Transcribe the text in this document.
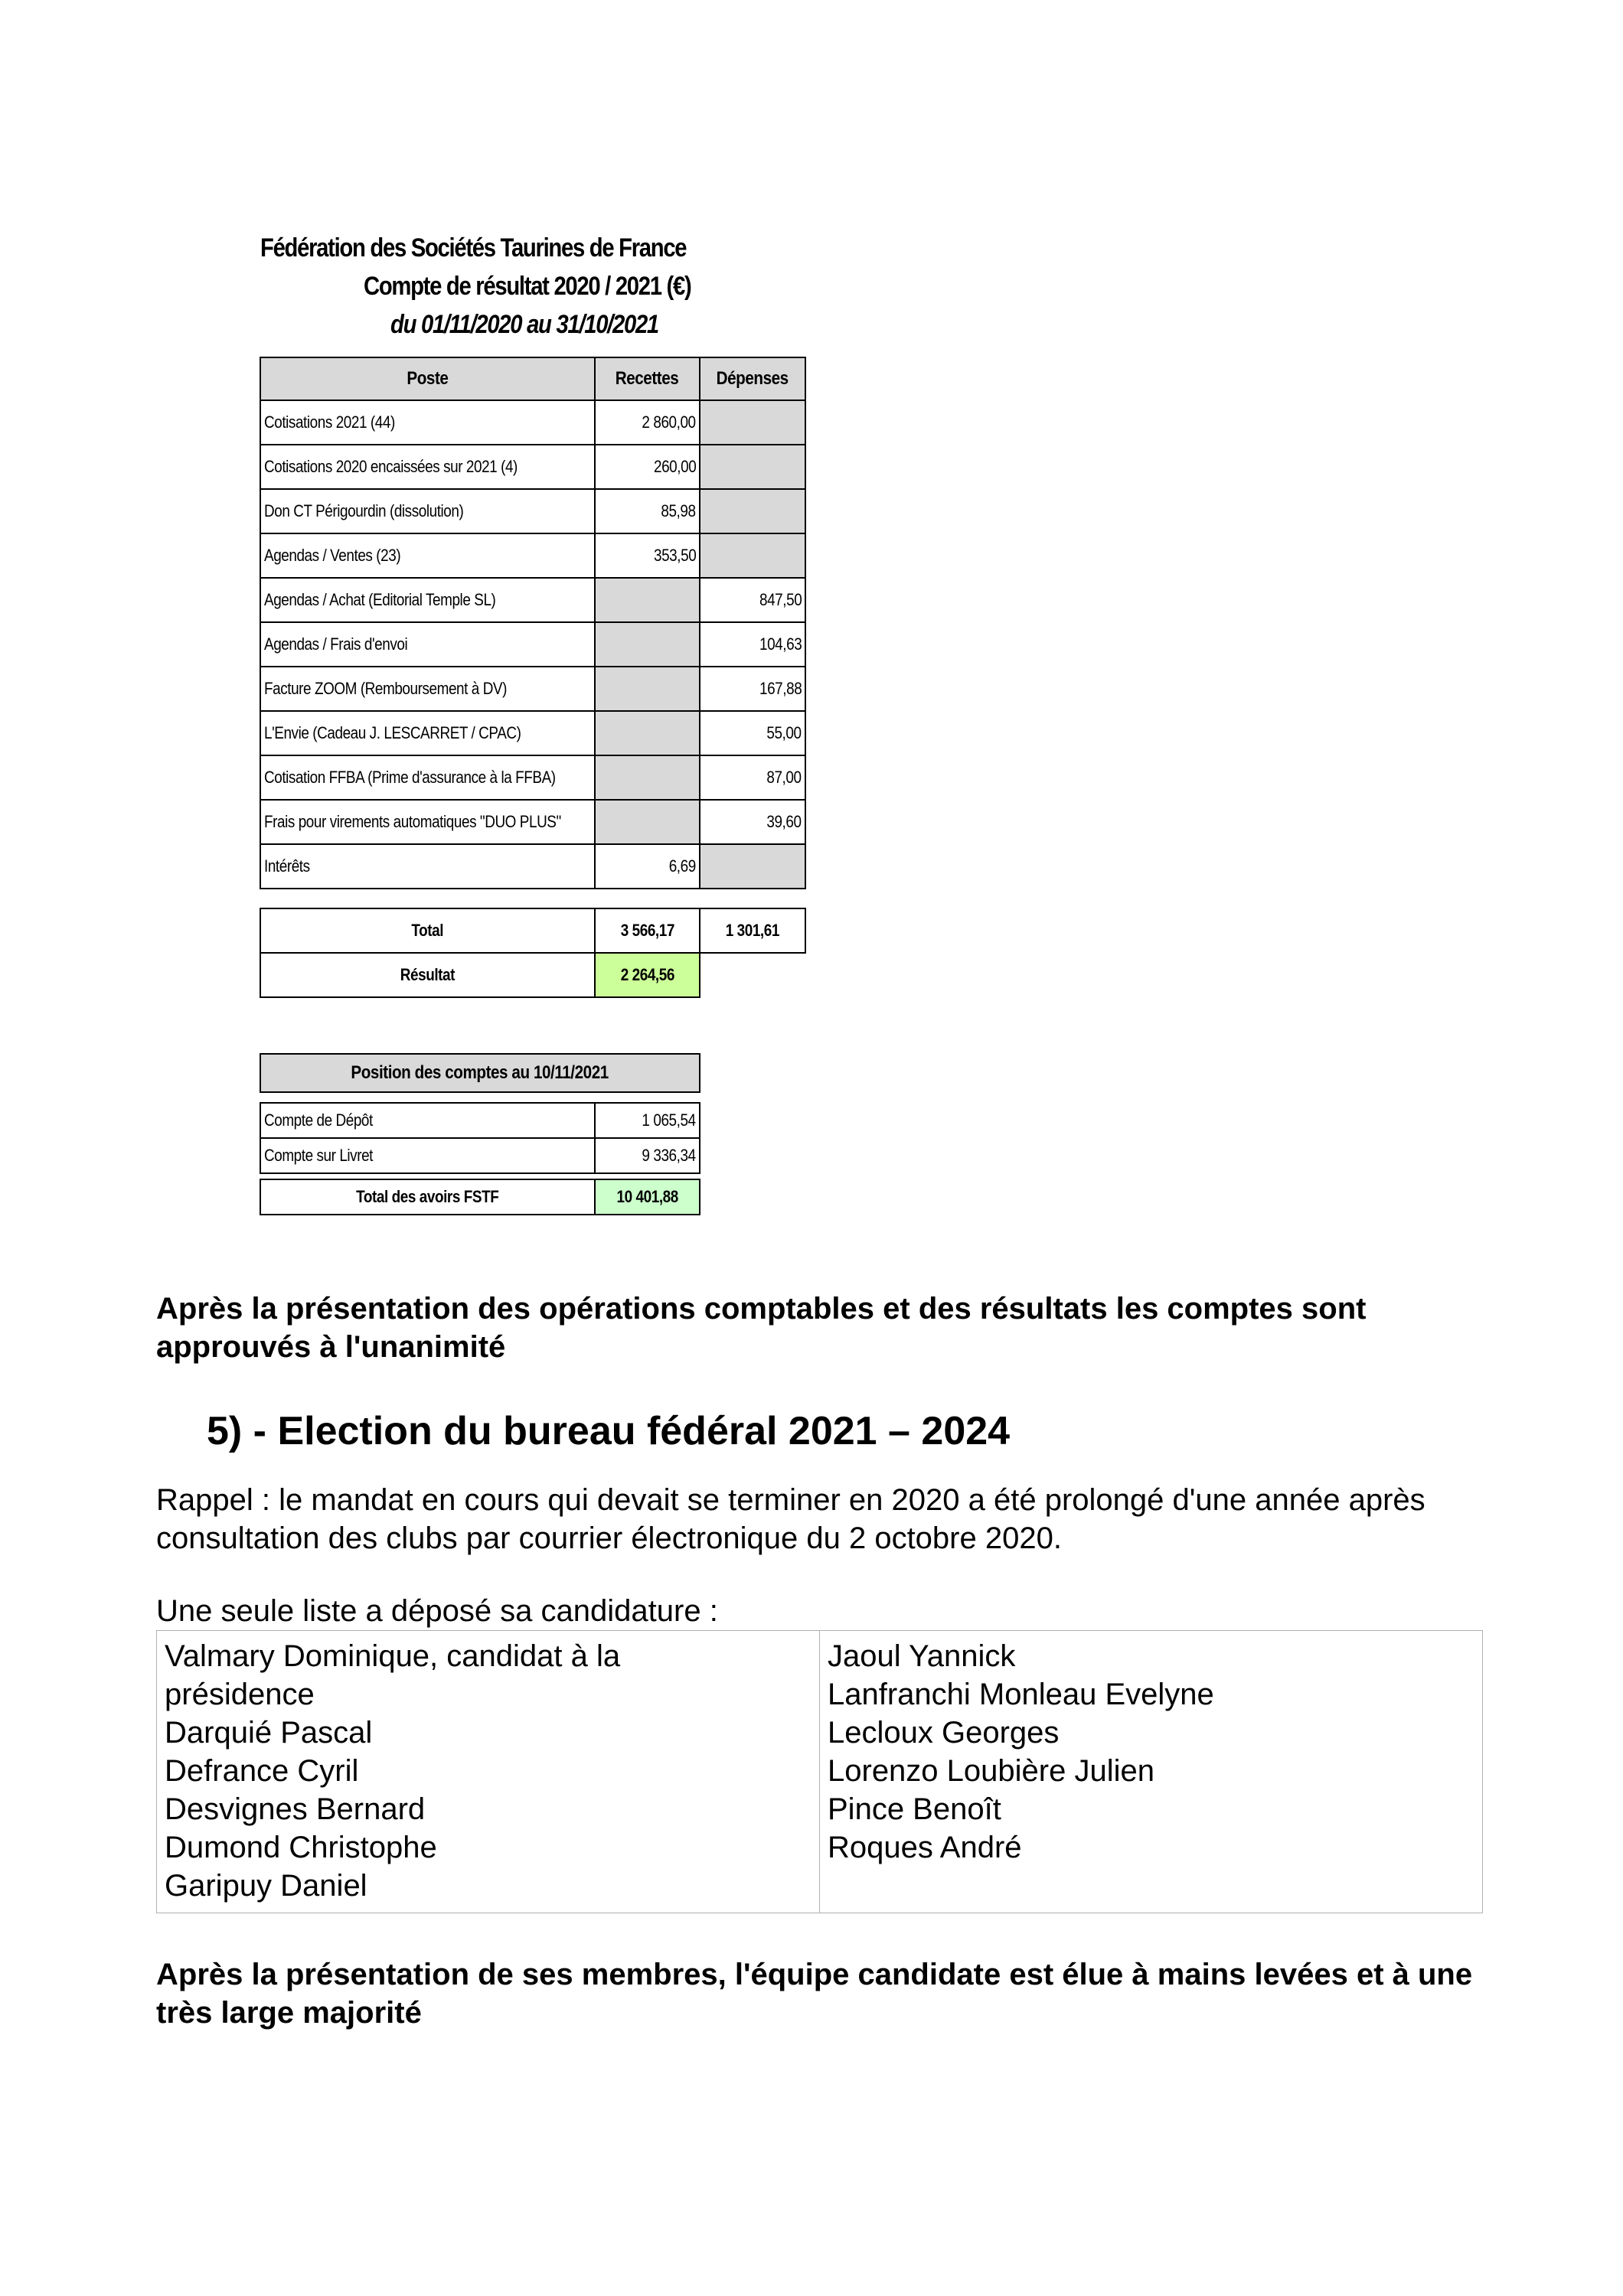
Fédération des Sociétés Taurines de France
Compte de résultat 2020 / 2021 (€)
du 01/11/2020 au 31/10/2021
Poste	Recettes	Dépenses
Cotisations 2021 (44)	2 860,00	
Cotisations 2020 encaissées sur 2021 (4)	260,00	
Don CT Périgourdin (dissolution)	85,98	
Agendas / Ventes (23)	353,50	
Agendas / Achat (Editorial Temple SL)		847,50
Agendas / Frais d'envoi		104,63
Facture ZOOM (Remboursement à DV)		167,88
L'Envie (Cadeau J. LESCARRET / CPAC)		55,00
Cotisation FFBA (Prime d'assurance à la FFBA)		87,00
Frais pour virements automatiques "DUO PLUS"		39,60
Intérêts	6,69	
Total	3 566,17	1 301,61
Résultat	2 264,56	
Position des comptes au 10/11/2021	

Compte de Dépôt	1 065,54
Compte sur Livret	9 336,34

Total des avoirs FSTF	10 401,88
Après la présentation des opérations comptables et des résultats les comptes sont approuvés à l'unanimité
5) - Election du bureau fédéral 2021 – 2024
Rappel : le mandat en cours qui devait se terminer en 2020 a été prolongé d'une année après consultation des clubs par courrier électronique du 2 octobre 2020.
Une seule liste a déposé sa candidature :
Valmary Dominique, candidat à la présidence
Darquié Pascal
Defrance Cyril
Desvignes Bernard
Dumond Christophe
Garipuy Daniel

Jaoul Yannick
Lanfranchi Monleau Evelyne
Lecloux Georges
Lorenzo Loubière Julien
Pince Benoît
Roques André
Après la présentation de ses membres, l'équipe candidate est élue à mains levées et à une très large majorité
